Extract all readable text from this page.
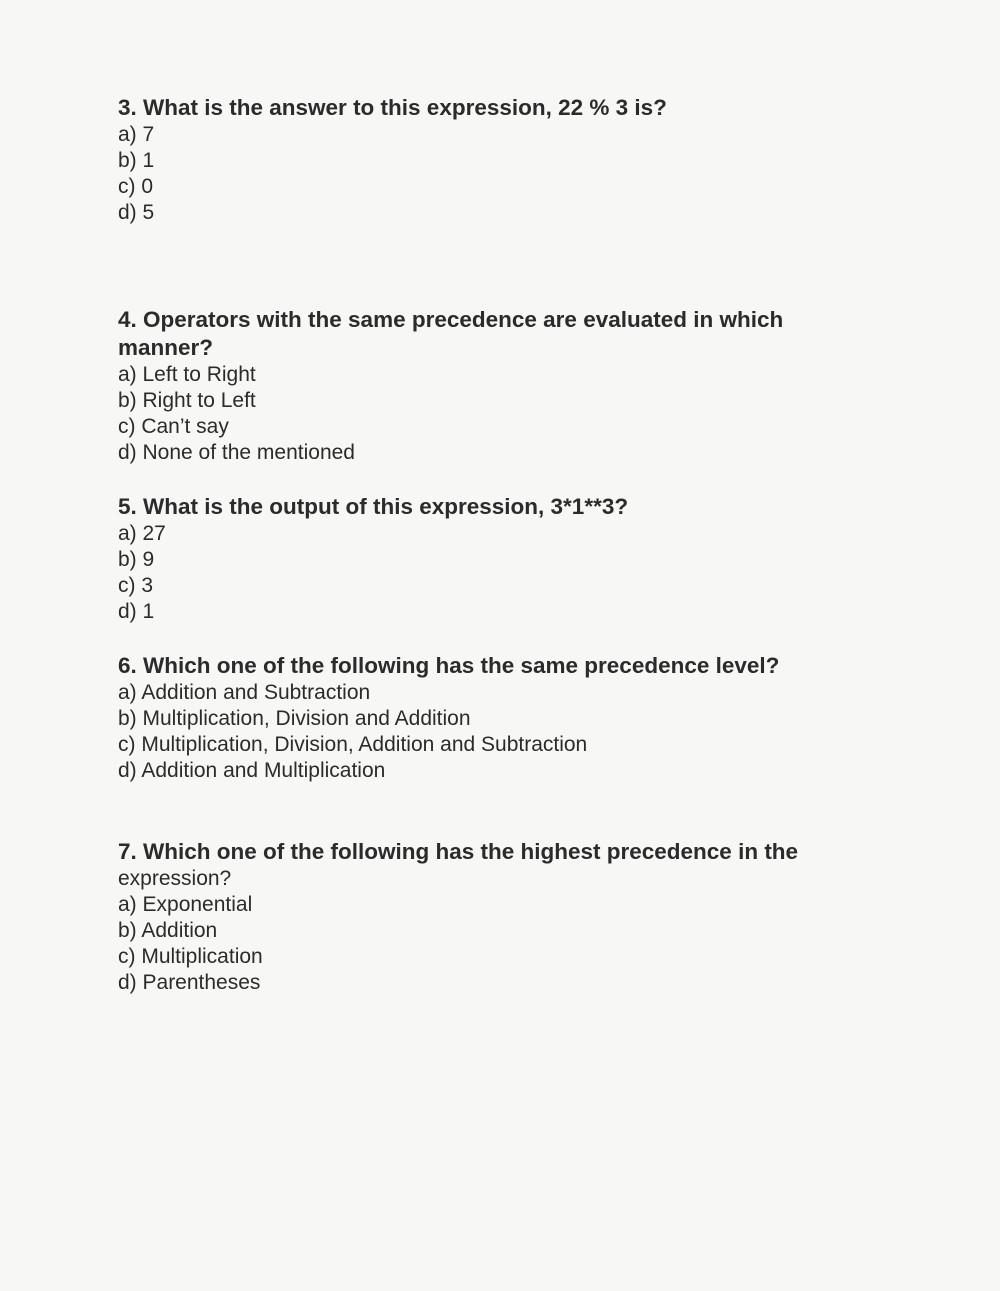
3. What is the answer to this expression, 22 % 3 is?

a) 7

b) 1

c) 0

d) 5

4. Operators with the same precedence are evaluated in which

manner?

a) Left to Right

b) Right to Left

c) Can’t say

d) None of the mentioned

5. What is the output of this expression, 3*1**3?

a) 27

b) 9

c) 3

d) 1

6. Which one of the following has the same precedence level?

a) Addition and Subtraction

b) Multiplication, Division and Addition

c) Multiplication, Division, Addition and Subtraction

d) Addition and Multiplication

7. Which one of the following has the highest precedence in the

expression?

a) Exponential

b) Addition

c) Multiplication

d) Parentheses
